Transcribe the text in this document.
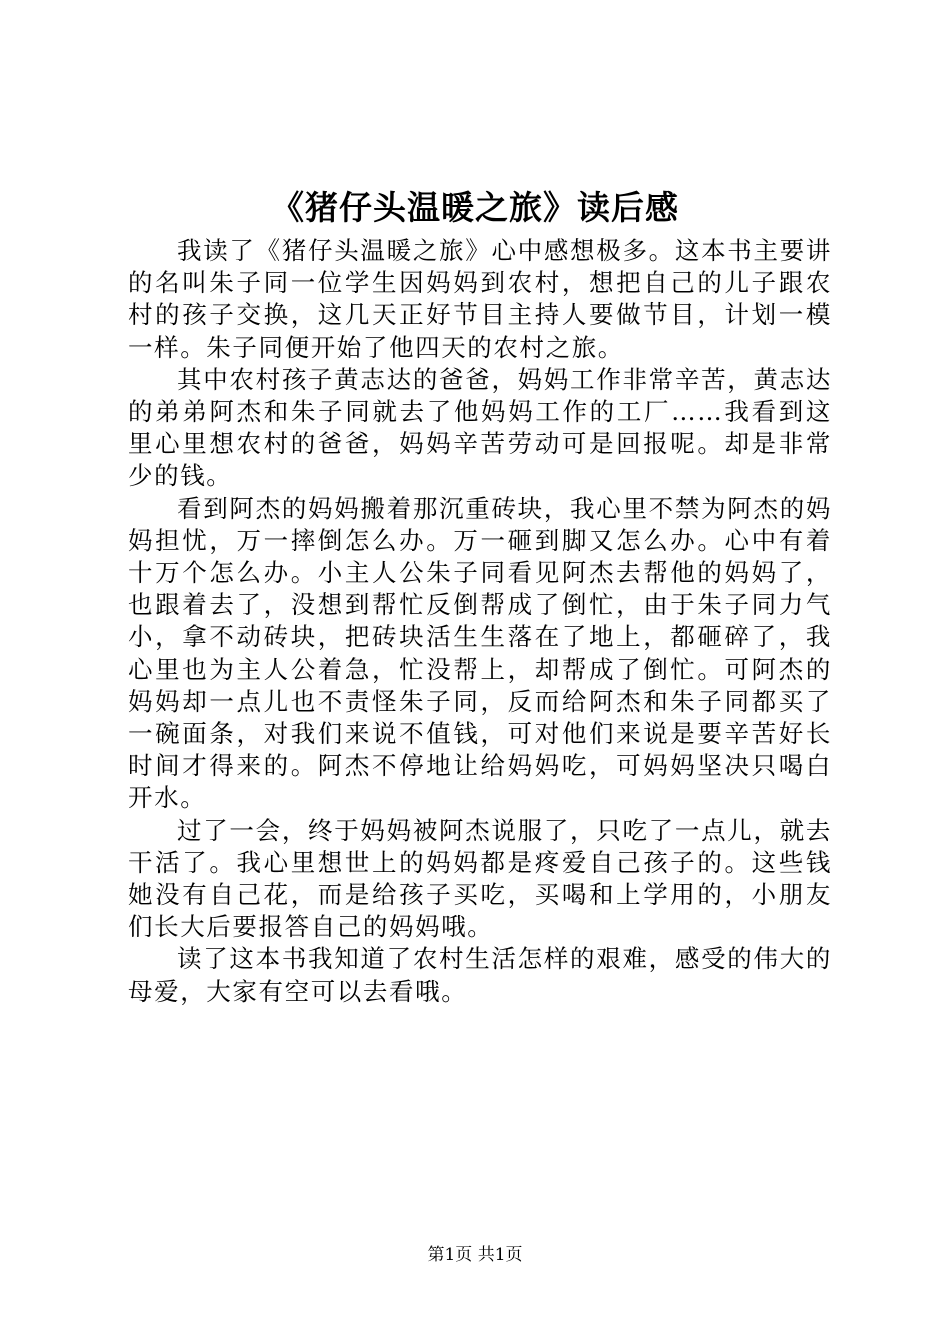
《猪仔头温暖之旅》读后感

我读了《猪仔头温暖之旅》心中感想极多。这本书主要讲的名叫朱子同一位学生因妈妈到农村，想把自己的儿子跟农村的孩子交换，这几天正好节目主持人要做节目，计划一模一样。朱子同便开始了他四天的农村之旅。

其中农村孩子黄志达的爸爸，妈妈工作非常辛苦，黄志达的弟弟阿杰和朱子同就去了他妈妈工作的工厂……我看到这里心里想农村的爸爸，妈妈辛苦劳动可是回报呢。却是非常少的钱。

看到阿杰的妈妈搬着那沉重砖块，我心里不禁为阿杰的妈妈担忧，万一摔倒怎么办。万一砸到脚又怎么办。心中有着十万个怎么办。小主人公朱子同看见阿杰去帮他的妈妈了，也跟着去了，没想到帮忙反倒帮成了倒忙，由于朱子同力气小，拿不动砖块，把砖块活生生落在了地上，都砸碎了，我心里也为主人公着急，忙没帮上，却帮成了倒忙。可阿杰的妈妈却一点儿也不责怪朱子同，反而给阿杰和朱子同都买了一碗面条，对我们来说不值钱，可对他们来说是要辛苦好长时间才得来的。阿杰不停地让给妈妈吃，可妈妈坚决只喝白开水。

过了一会，终于妈妈被阿杰说服了，只吃了一点儿，就去干活了。我心里想世上的妈妈都是疼爱自己孩子的。这些钱她没有自己花，而是给孩子买吃，买喝和上学用的，小朋友们长大后要报答自己的妈妈哦。

读了这本书我知道了农村生活怎样的艰难，感受的伟大的母爱，大家有空可以去看哦。

第1页 共1页
